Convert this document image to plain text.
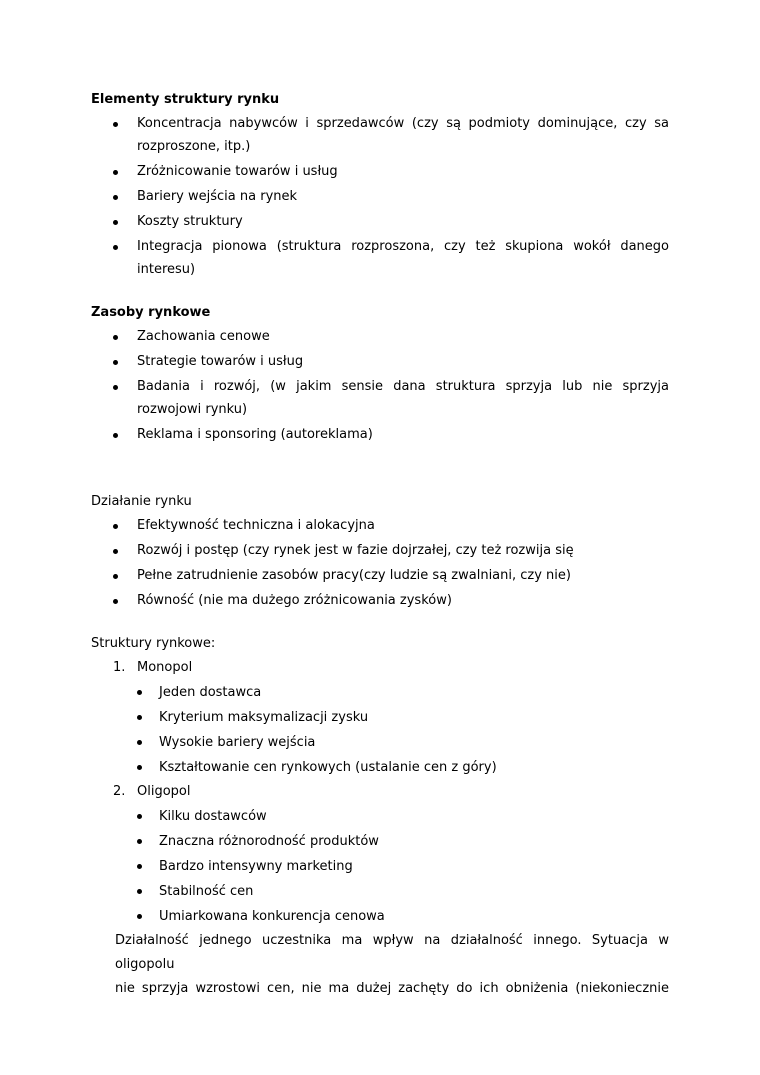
Elementy struktury rynku
Koncentracja nabywców i sprzedawców (czy są podmioty dominujące, czy sa rozproszone, itp.)
Zróżnicowanie towarów i usług
Bariery wejścia na rynek
Koszty struktury
Integracja pionowa (struktura rozproszona, czy też skupiona wokół danego interesu)
Zasoby rynkowe
Zachowania cenowe
Strategie towarów i usług
Badania i rozwój, (w jakim sensie dana struktura sprzyja lub nie sprzyja rozwojowi rynku)
Reklama i sponsoring (autoreklama)
Działanie rynku
Efektywność techniczna i alokacyjna
Rozwój i postęp (czy rynek jest w fazie dojrzałej, czy też rozwija się
Pełne zatrudnienie zasobów pracy(czy ludzie są zwalniani, czy nie)
Równość (nie ma dużego zróżnicowania zysków)
Struktury rynkowe:
1. Monopol
Jeden dostawca
Kryterium maksymalizacji zysku
Wysokie bariery wejścia
Kształtowanie cen rynkowych (ustalanie cen z góry)
2. Oligopol
Kilku dostawców
Znaczna różnorodność produktów
Bardzo intensywny marketing
Stabilność cen
Umiarkowana konkurencja cenowa
Działalność jednego uczestnika ma wpływ na działalność innego. Sytuacja w oligopolu
nie sprzyja wzrostowi cen, nie ma dużej zachęty do ich obniżenia (niekoniecznie
